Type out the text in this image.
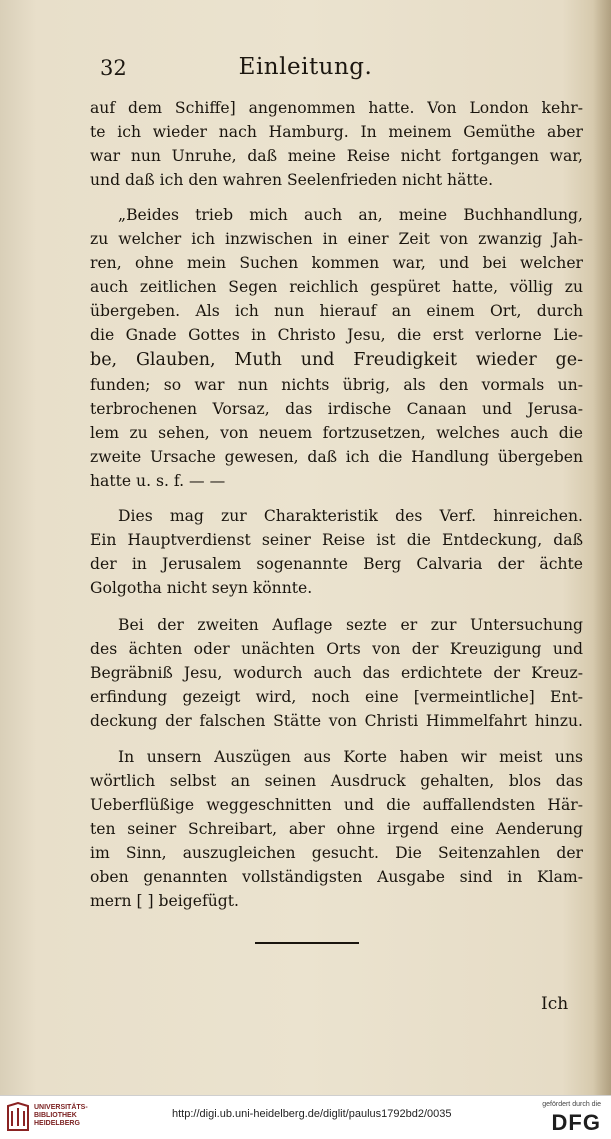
32	Einleitung.
auf dem Schiffe] angenommen hatte. Von London kehr-
te ich wieder nach Hamburg. In meinem Gemüthe aber
war nun Unruhe, daß meine Reise nicht fortgangen war,
und daß ich den wahren Seelenfrieden nicht hätte.
„Beides trieb mich auch an, meine Buchhandlung,
zu welcher ich inzwischen in einer Zeit von zwanzig Jah-
ren, ohne mein Suchen kommen war, und bei welcher
auch zeitlichen Segen reichlich gespüret hatte, völlig zu
übergeben. Als ich nun hierauf an einem Ort, durch
die Gnade Gottes in Christo Jesu, die erst verlorne Lie-
be, Glauben, Muth und Freudigkeit wieder ge-
funden; so war nun nichts übrig, als den vormals un-
terbrochenen Vorsaz, das irdische Canaan und Jerusa-
lem zu sehen, von neuem fortzusetzen, welches auch die
zweite Ursache gewesen, daß ich die Handlung übergeben
hatte u. s. f. — —
Dies mag zur Charakteristik des Verf. hinreichen.
Ein Hauptverdienst seiner Reise ist die Entdeckung, daß
der in Jerusalem sogenannte Berg Calvaria der ächte
Golgotha nicht seyn könnte.
Bei der zweiten Auflage sezte er zur Untersuchung
des ächten oder unächten Orts von der Kreuzigung und
Begräbniß Jesu, wodurch auch das erdichtete der Kreuz-
erfindung gezeigt wird, noch eine [vermeintliche] Ent-
deckung der falschen Stätte von Christi Himmelfahrt hinzu.
In unsern Auszügen aus Korte haben wir meist uns
wörtlich selbst an seinen Ausdruck gehalten, blos das
Ueberflüßige weggeschnitten und die auffallendsten Här-
ten seiner Schreibart, aber ohne irgend eine Aenderung
im Sinn, auszugleichen gesucht. Die Seitenzahlen der
oben genannten vollständigsten Ausgabe sind in Klam-
mern [ ] beigefügt.
Ich
UNIVERSITÄTS-
BIBLIOTHEK
HEIDELBERG
http://digi.ub.uni-heidelberg.de/diglit/paulus1792bd2/0035
gefördert durch die
DFG
